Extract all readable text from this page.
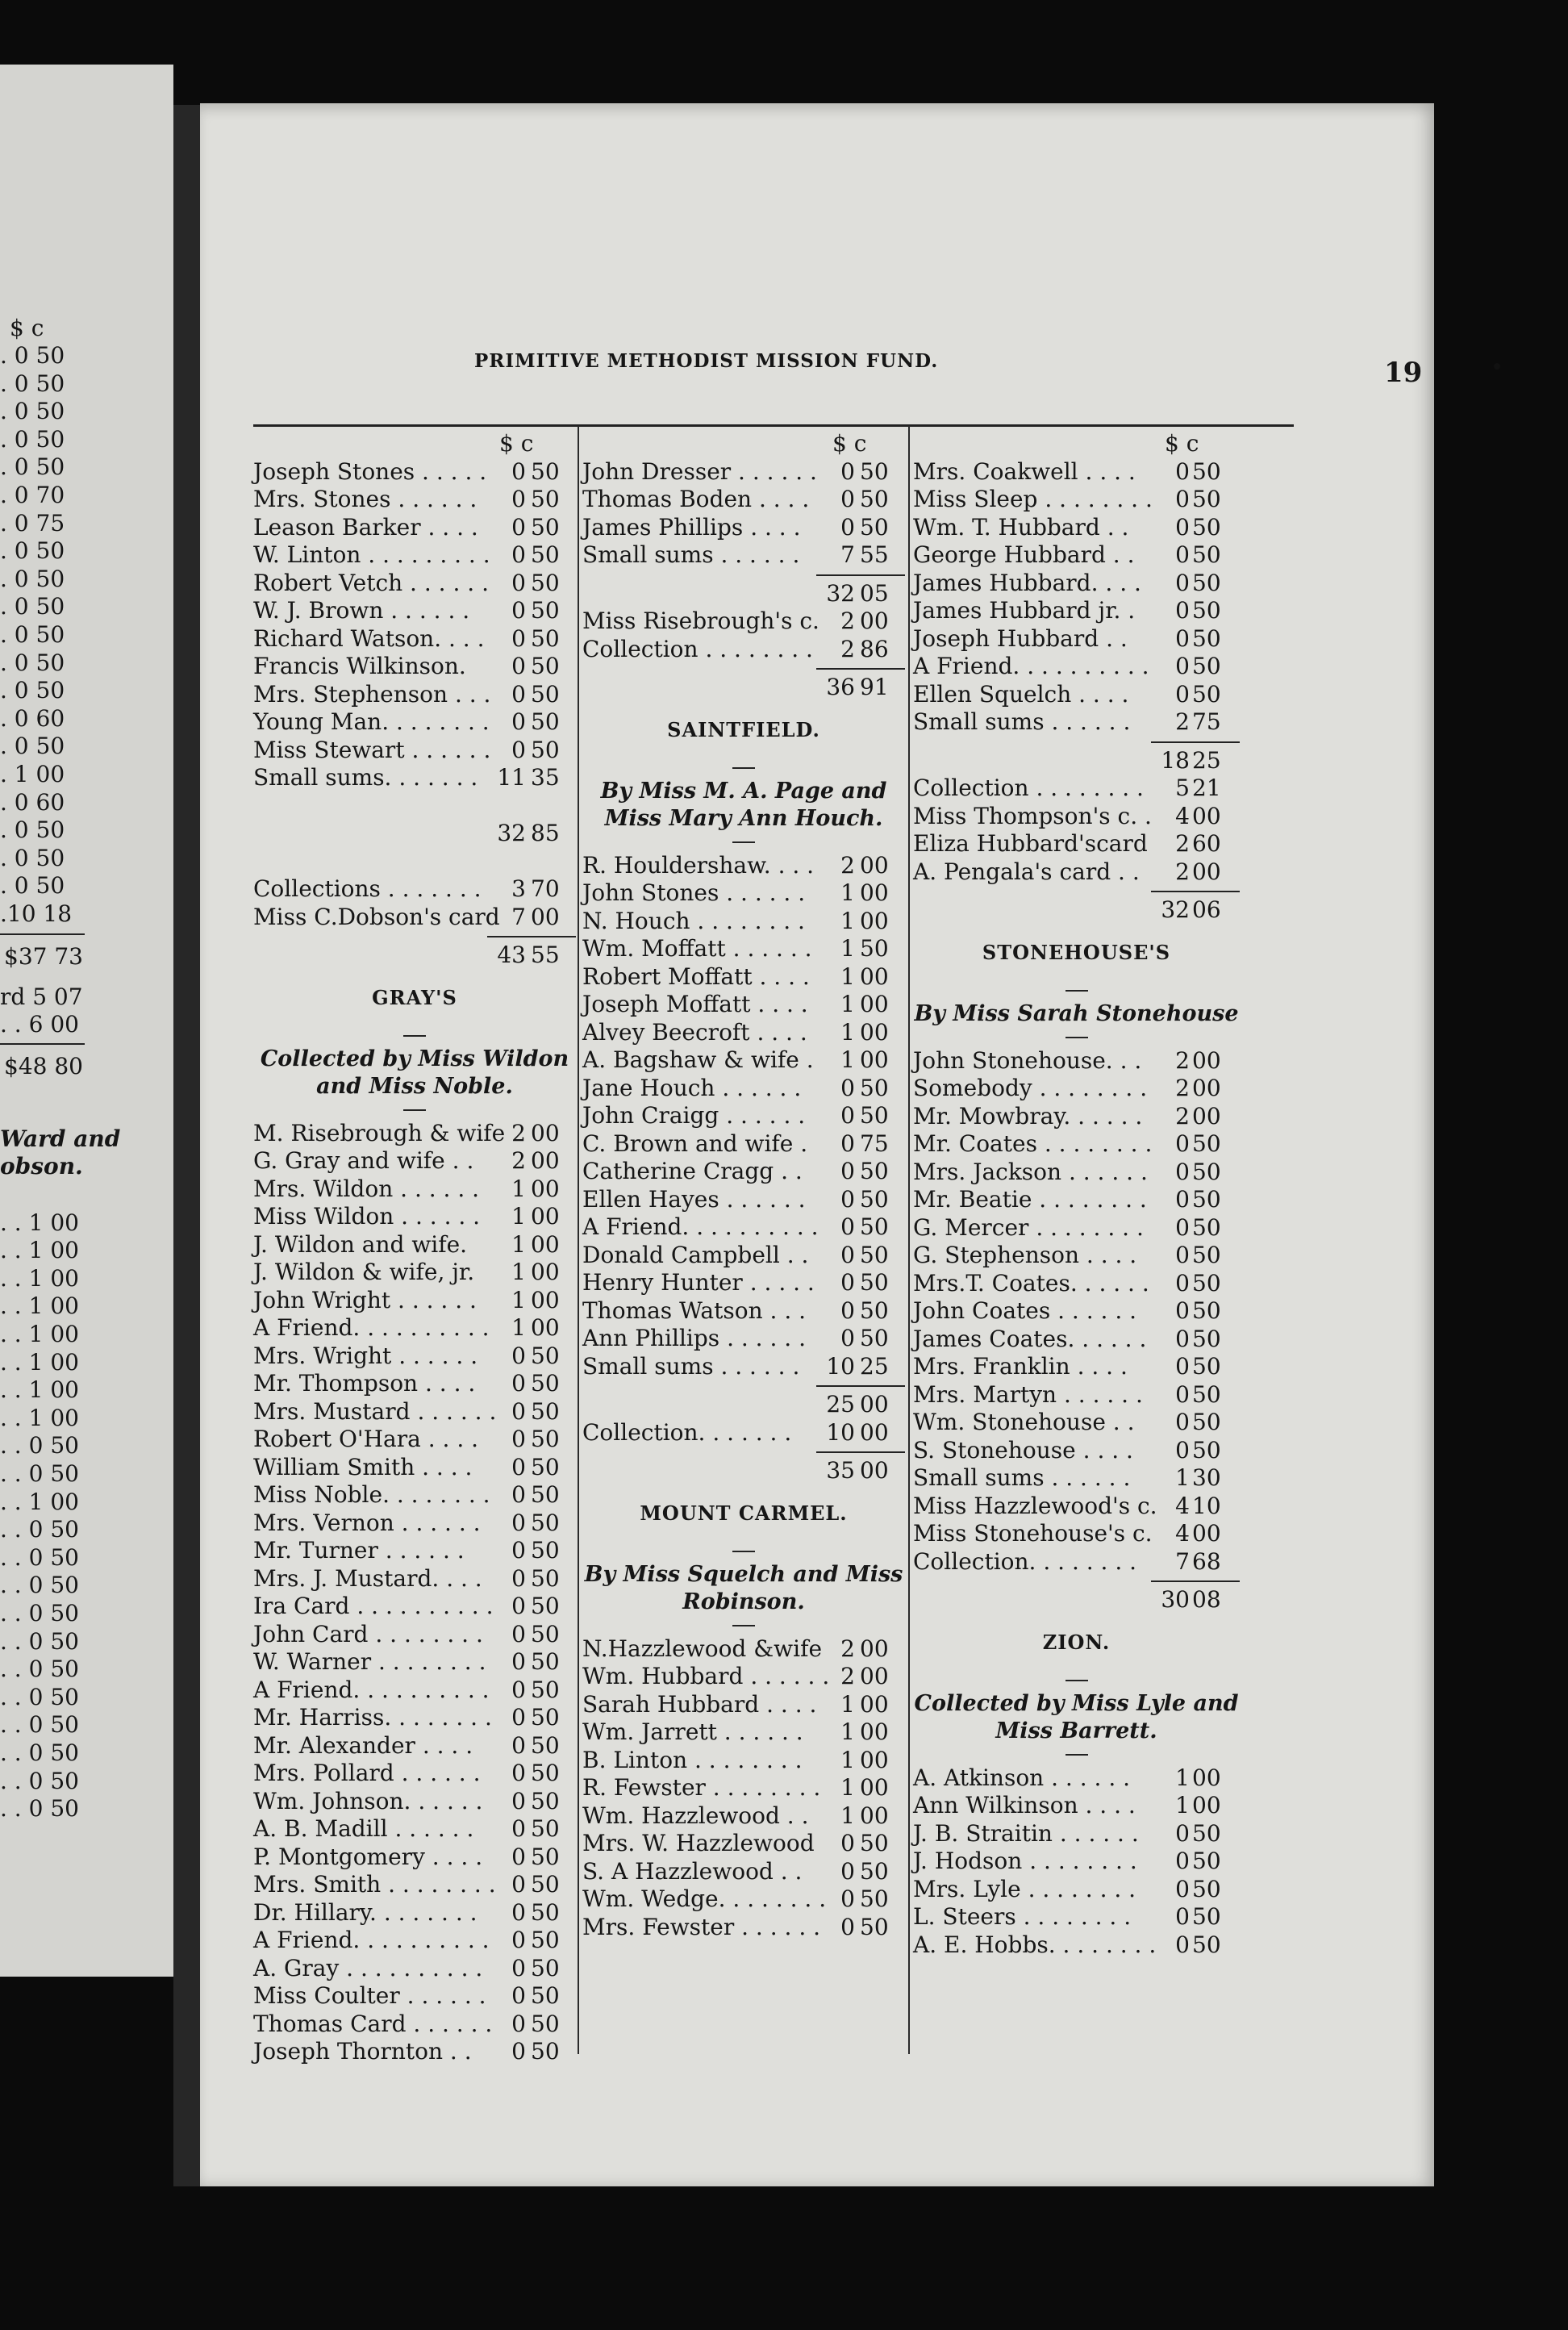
$ c
. 0 50
. 0 50
. 0 50
. 0 50
. 0 50
. 0 70
. 0 75
. 0 50
. 0 50
. 0 50
. 0 50
. 0 50
. 0 50
. 0 60
. 0 50
. 1 00
. 0 60
. 0 50
. 0 50
. 0 50
.10 18
$37 73
rd 5 07
. . 6 00
$48 80
Ward and
obson.
. . 1 00
. . 1 00
. . 1 00
. . 1 00
. . 1 00
. . 1 00
. . 1 00
. . 1 00
. . 0 50
. . 0 50
. . 1 00
. . 0 50
. . 0 50
. . 0 50
. . 0 50
. . 0 50
. . 0 50
. . 0 50
. . 0 50
. . 0 50
. . 0 50
. . 0 50
PRIMITIVE METHODIST MISSION FUND.	19
$ c
Joseph Stones . . . . . 0 50
Mrs. Stones . . . . . . 0 50
Leason Barker . . . . 0 50
W. Linton . . . . . . . . . 0 50
Robert Vetch . . . . . . 0 50
W. J. Brown . . . . . . 0 50
Richard Watson. . . . 0 50
Francis Wilkinson. 0 50
Mrs. Stephenson . . . 0 50
Young Man. . . . . . . . 0 50
Miss Stewart . . . . . . 0 50
Small sums. . . . . . . 11 35
32 85
Collections . . . . . . . 3 70
Miss C.Dobson's card 7 00
43 55
GRAY'S
Collected by Miss Wildon
and Miss Noble.
M. Risebrough & wife 2 00
G. Gray and wife . . 2 00
Mrs. Wildon . . . . . . 1 00
Miss Wildon . . . . . . 1 00
J. Wildon and wife. 1 00
J. Wildon & wife, jr. 1 00
John Wright . . . . . . 1 00
A Friend. . . . . . . . . . 1 00
Mrs. Wright . . . . . . 0 50
Mr. Thompson . . . . 0 50
Mrs. Mustard . . . . . . 0 50
Robert O'Hara . . . . 0 50
William Smith . . . . 0 50
Miss Noble. . . . . . . . 0 50
Mrs. Vernon . . . . . . 0 50
Mr. Turner . . . . . . 0 50
Mrs. J. Mustard. . . . 0 50
Ira Card . . . . . . . . . . 0 50
John Card . . . . . . . . 0 50
W. Warner . . . . . . . . 0 50
A Friend. . . . . . . . . . 0 50
Mr. Harriss. . . . . . . . 0 50
Mr. Alexander . . . . 0 50
Mrs. Pollard . . . . . . 0 50
Wm. Johnson. . . . . . 0 50
A. B. Madill . . . . . . 0 50
P. Montgomery . . . . 0 50
Mrs. Smith . . . . . . . . 0 50
Dr. Hillary. . . . . . . . 0 50
A Friend. . . . . . . . . . 0 50
A. Gray . . . . . . . . . . 0 50
Miss Coulter . . . . . . 0 50
Thomas Card . . . . . . 0 50
Joseph Thornton . . 0 50
$ c
John Dresser . . . . . . 0 50
Thomas Boden . . . . 0 50
James Phillips . . . . 0 50
Small sums . . . . . . 7 55
32 05
Miss Risebrough's c. 2 00
Collection . . . . . . . . 2 86
36 91
SAINTFIELD.
By Miss M. A. Page and
Miss Mary Ann Houch.
R. Houldershaw. . . . 2 00
John Stones . . . . . . 1 00
N. Houch . . . . . . . . 1 00
Wm. Moffatt . . . . . . 1 50
Robert Moffatt . . . . 1 00
Joseph Moffatt . . . . 1 00
Alvey Beecroft . . . . 1 00
A. Bagshaw & wife . 1 00
Jane Houch . . . . . . 0 50
John Craigg . . . . . . 0 50
C. Brown and wife . 0 75
Catherine Cragg . . 0 50
Ellen Hayes . . . . . . 0 50
A Friend. . . . . . . . . . 0 50
Donald Campbell . . 0 50
Henry Hunter . . . . . 0 50
Thomas Watson . . . 0 50
Ann Phillips . . . . . . 0 50
Small sums . . . . . . 10 25
25 00
Collection. . . . . . . 10 00
35 00
MOUNT CARMEL.
By Miss Squelch and Miss
Robinson.
N.Hazzlewood &wife 2 00
Wm. Hubbard . . . . . . 2 00
Sarah Hubbard . . . . 1 00
Wm. Jarrett . . . . . . 1 00
B. Linton . . . . . . . . 1 00
R. Fewster . . . . . . . . 1 00
Wm. Hazzlewood . . 1 00
Mrs. W. Hazzlewood 0 50
S. A Hazzlewood . . 0 50
Wm. Wedge. . . . . . . . 0 50
Mrs. Fewster . . . . . . 0 50
$ c
Mrs. Coakwell . . . . 0 50
Miss Sleep . . . . . . . . 0 50
Wm. T. Hubbard . . 0 50
George Hubbard . . 0 50
James Hubbard. . . . 0 50
James Hubbard jr. . 0 50
Joseph Hubbard . . 0 50
A Friend. . . . . . . . . . 0 50
Ellen Squelch . . . . 0 50
Small sums . . . . . . 2 75
18 25
Collection . . . . . . . . 5 21
Miss Thompson's c. . 4 00
Eliza Hubbard'scard 2 60
A. Pengala's card . . 2 00
32 06
STONEHOUSE'S
By Miss Sarah Stonehouse
John Stonehouse. . . 2 00
Somebody . . . . . . . . 2 00
Mr. Mowbray. . . . . . 2 00
Mr. Coates . . . . . . . . 0 50
Mrs. Jackson . . . . . . 0 50
Mr. Beatie . . . . . . . . 0 50
G. Mercer . . . . . . . . 0 50
G. Stephenson . . . . 0 50
Mrs.T. Coates. . . . . . 0 50
John Coates . . . . . . 0 50
James Coates. . . . . . 0 50
Mrs. Franklin . . . . 0 50
Mrs. Martyn . . . . . . 0 50
Wm. Stonehouse . . 0 50
S. Stonehouse . . . . 0 50
Small sums . . . . . . 1 30
Miss Hazzlewood's c. 4 10
Miss Stonehouse's c. 4 00
Collection. . . . . . . . 7 68
30 08
ZION.
Collected by Miss Lyle and
Miss Barrett.
A. Atkinson . . . . . . 1 00
Ann Wilkinson . . . . 1 00
J. B. Straitin . . . . . . 0 50
J. Hodson . . . . . . . . 0 50
Mrs. Lyle . . . . . . . . 0 50
L. Steers . . . . . . . . 0 50
A. E. Hobbs. . . . . . . . 0 50
